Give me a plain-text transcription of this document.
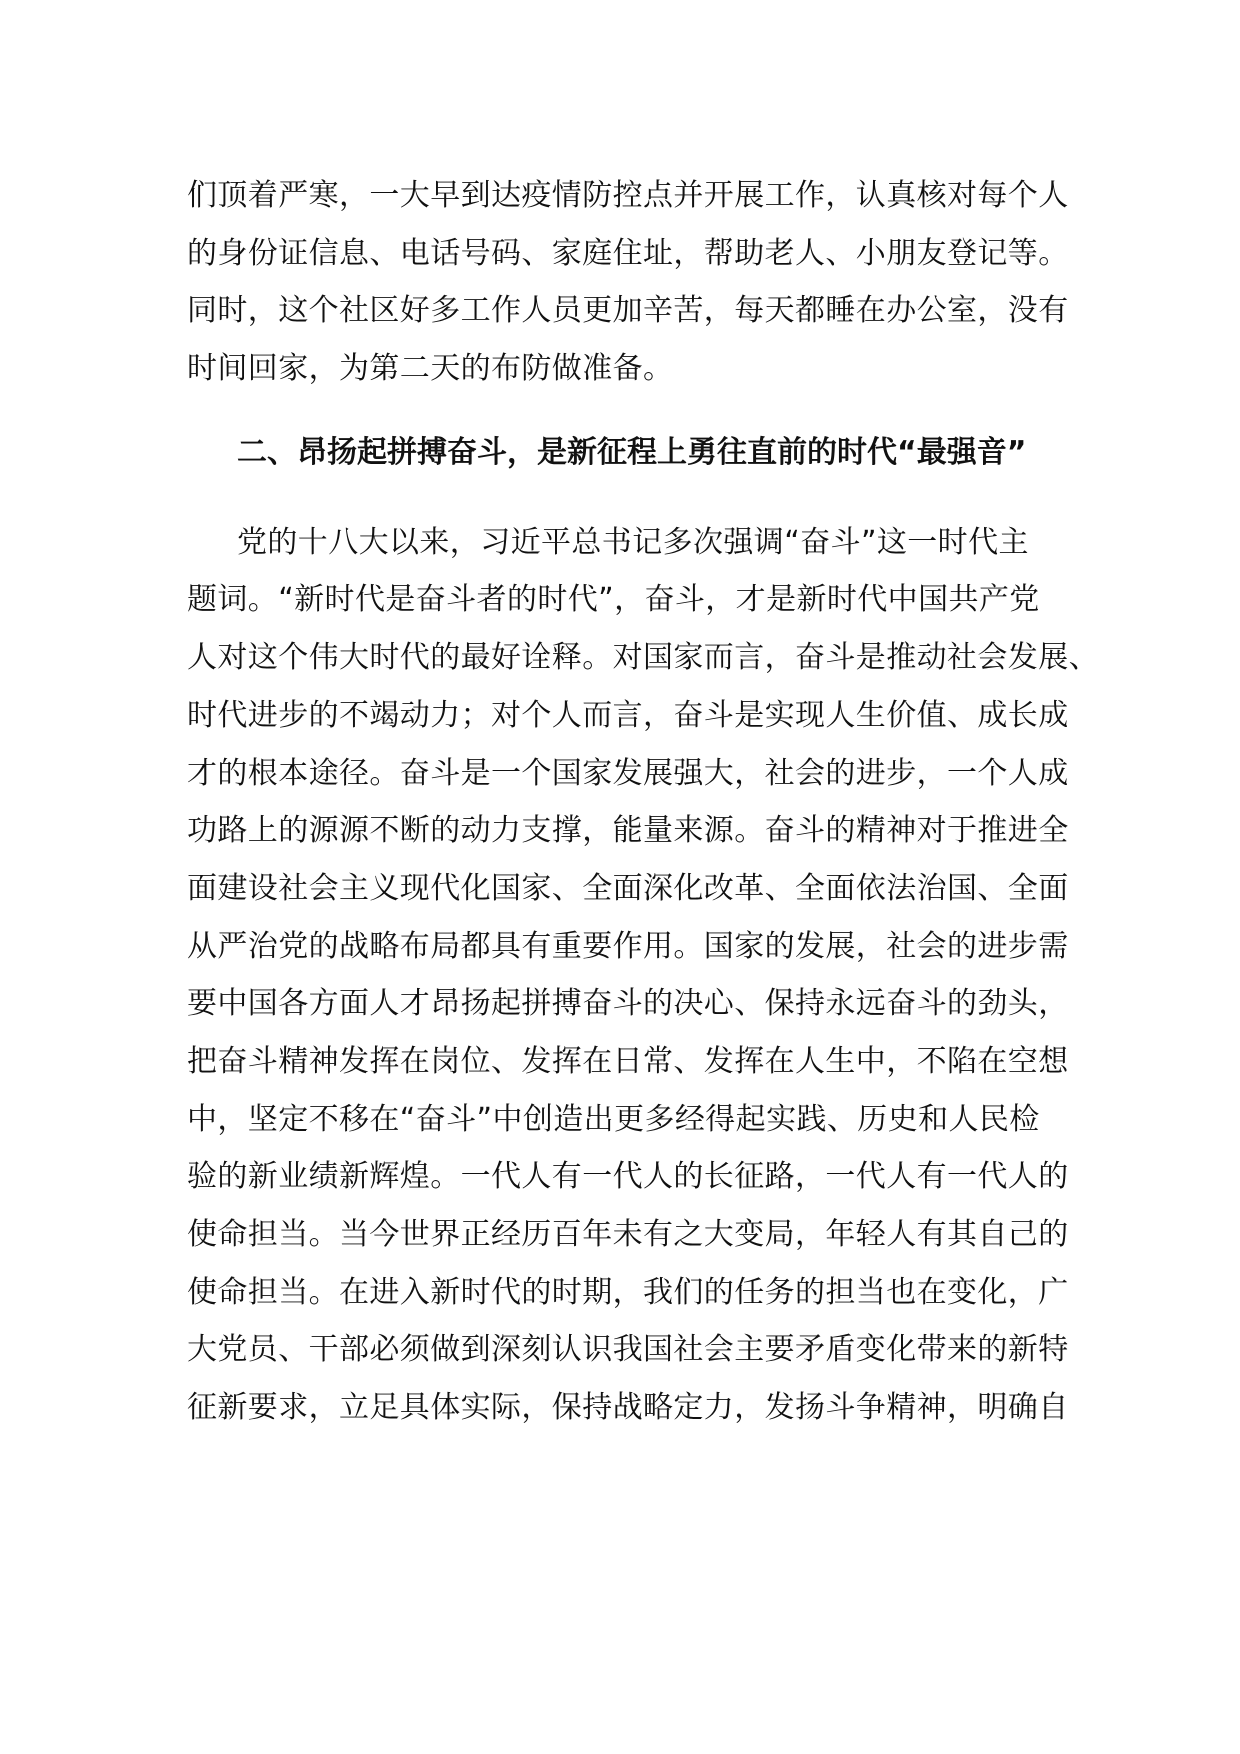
们顶着严寒，一大早到达疫情防控点并开展工作，认真核对每个人
的身份证信息、电话号码、家庭住址，帮助老人、小朋友登记等。
同时，这个社区好多工作人员更加辛苦，每天都睡在办公室，没有
时间回家，为第二天的布防做准备。
二、昂扬起拼搏奋斗，是新征程上勇往直前的时代“最强音”
党的十八大以来，习近平总书记多次强调“奋斗”这一时代主
题词。“新时代是奋斗者的时代”，奋斗，才是新时代中国共产党
人对这个伟大时代的最好诠释。对国家而言，奋斗是推动社会发展、
时代进步的不竭动力；对个人而言，奋斗是实现人生价值、成长成
才的根本途径。奋斗是一个国家发展强大，社会的进步，一个人成
功路上的源源不断的动力支撑，能量来源。奋斗的精神对于推进全
面建设社会主义现代化国家、全面深化改革、全面依法治国、全面
从严治党的战略布局都具有重要作用。国家的发展，社会的进步需
要中国各方面人才昂扬起拼搏奋斗的决心、保持永远奋斗的劲头，
把奋斗精神发挥在岗位、发挥在日常、发挥在人生中，不陷在空想
中，坚定不移在“奋斗”中创造出更多经得起实践、历史和人民检
验的新业绩新辉煌。一代人有一代人的长征路，一代人有一代人的
使命担当。当今世界正经历百年未有之大变局，年轻人有其自己的
使命担当。在进入新时代的时期，我们的任务的担当也在变化，广
大党员、干部必须做到深刻认识我国社会主要矛盾变化带来的新特
征新要求，立足具体实际，保持战略定力，发扬斗争精神，明确自
